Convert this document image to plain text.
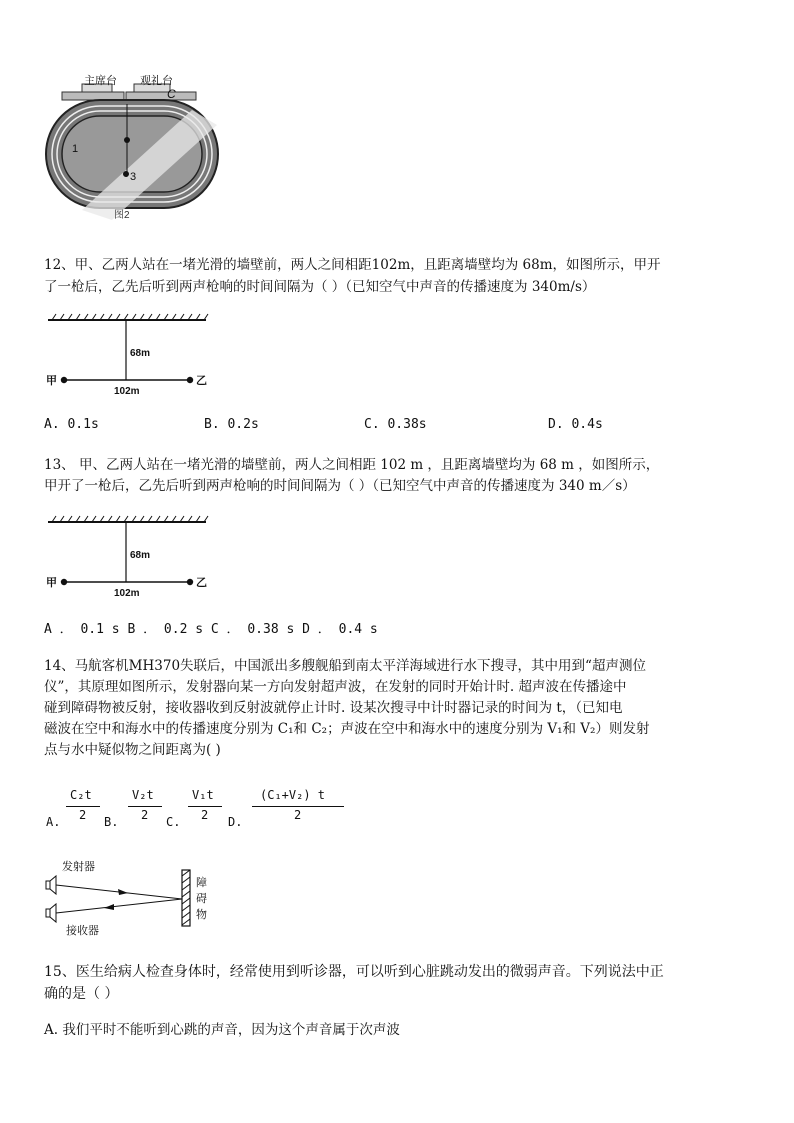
1
3
C
图2
主席台 观礼台
12、甲、乙两人站在一堵光滑的墙壁前，两人之间相距102m，且距离墙壁均为 68m，如图所示，甲开
了一枪后，乙先后听到两声枪响的时间间隔为（ ）（已知空气中声音的传播速度为 340m/s）
68m
102m
甲	乙
A. 0.1s	B. 0.2s	C. 0.38s	D. 0.4s
13、 甲、乙两人站在一堵光滑的墙壁前，两人之间相距 102 m ，且距离墙壁均为 68 m ，如图所示，
甲开了一枪后，乙先后听到两声枪响的时间间隔为（ ）（已知空气中声音的传播速度为 340 m／s）
68m
102m
甲	乙
A ． 0.1 s B ． 0.2 s C ． 0.38 s D ． 0.4 s
14、马航客机MH370失联后，中国派出多艘舰船到南太平洋海域进行水下搜寻，其中用到“超声测位
仪”，其原理如图所示，发射器向某一方向发射超声波，在发射的同时开始计时. 超声波在传播途中
碰到障碍物被反射，接收器收到反射波就停止计时. 设某次搜寻中计时器记录的时间为 t，（已知电
磁波在空中和海水中的传播速度分别为 C₁和 C₂；声波在空中和海水中的速度分别为 V₁和 V₂）则发射
点与水中疑似物之间距离为( )
A.
C₂t
2 B.
V₂t
2 C.
V₁t
2 D.
(C₁+V₂) t
2
发射器
接收器
障
碍
物
15、医生给病人检查身体时，经常使用到听诊器，可以听到心脏跳动发出的微弱声音。下列说法中正
确的是（ ）
A. 我们平时不能听到心跳的声音，因为这个声音属于次声波
